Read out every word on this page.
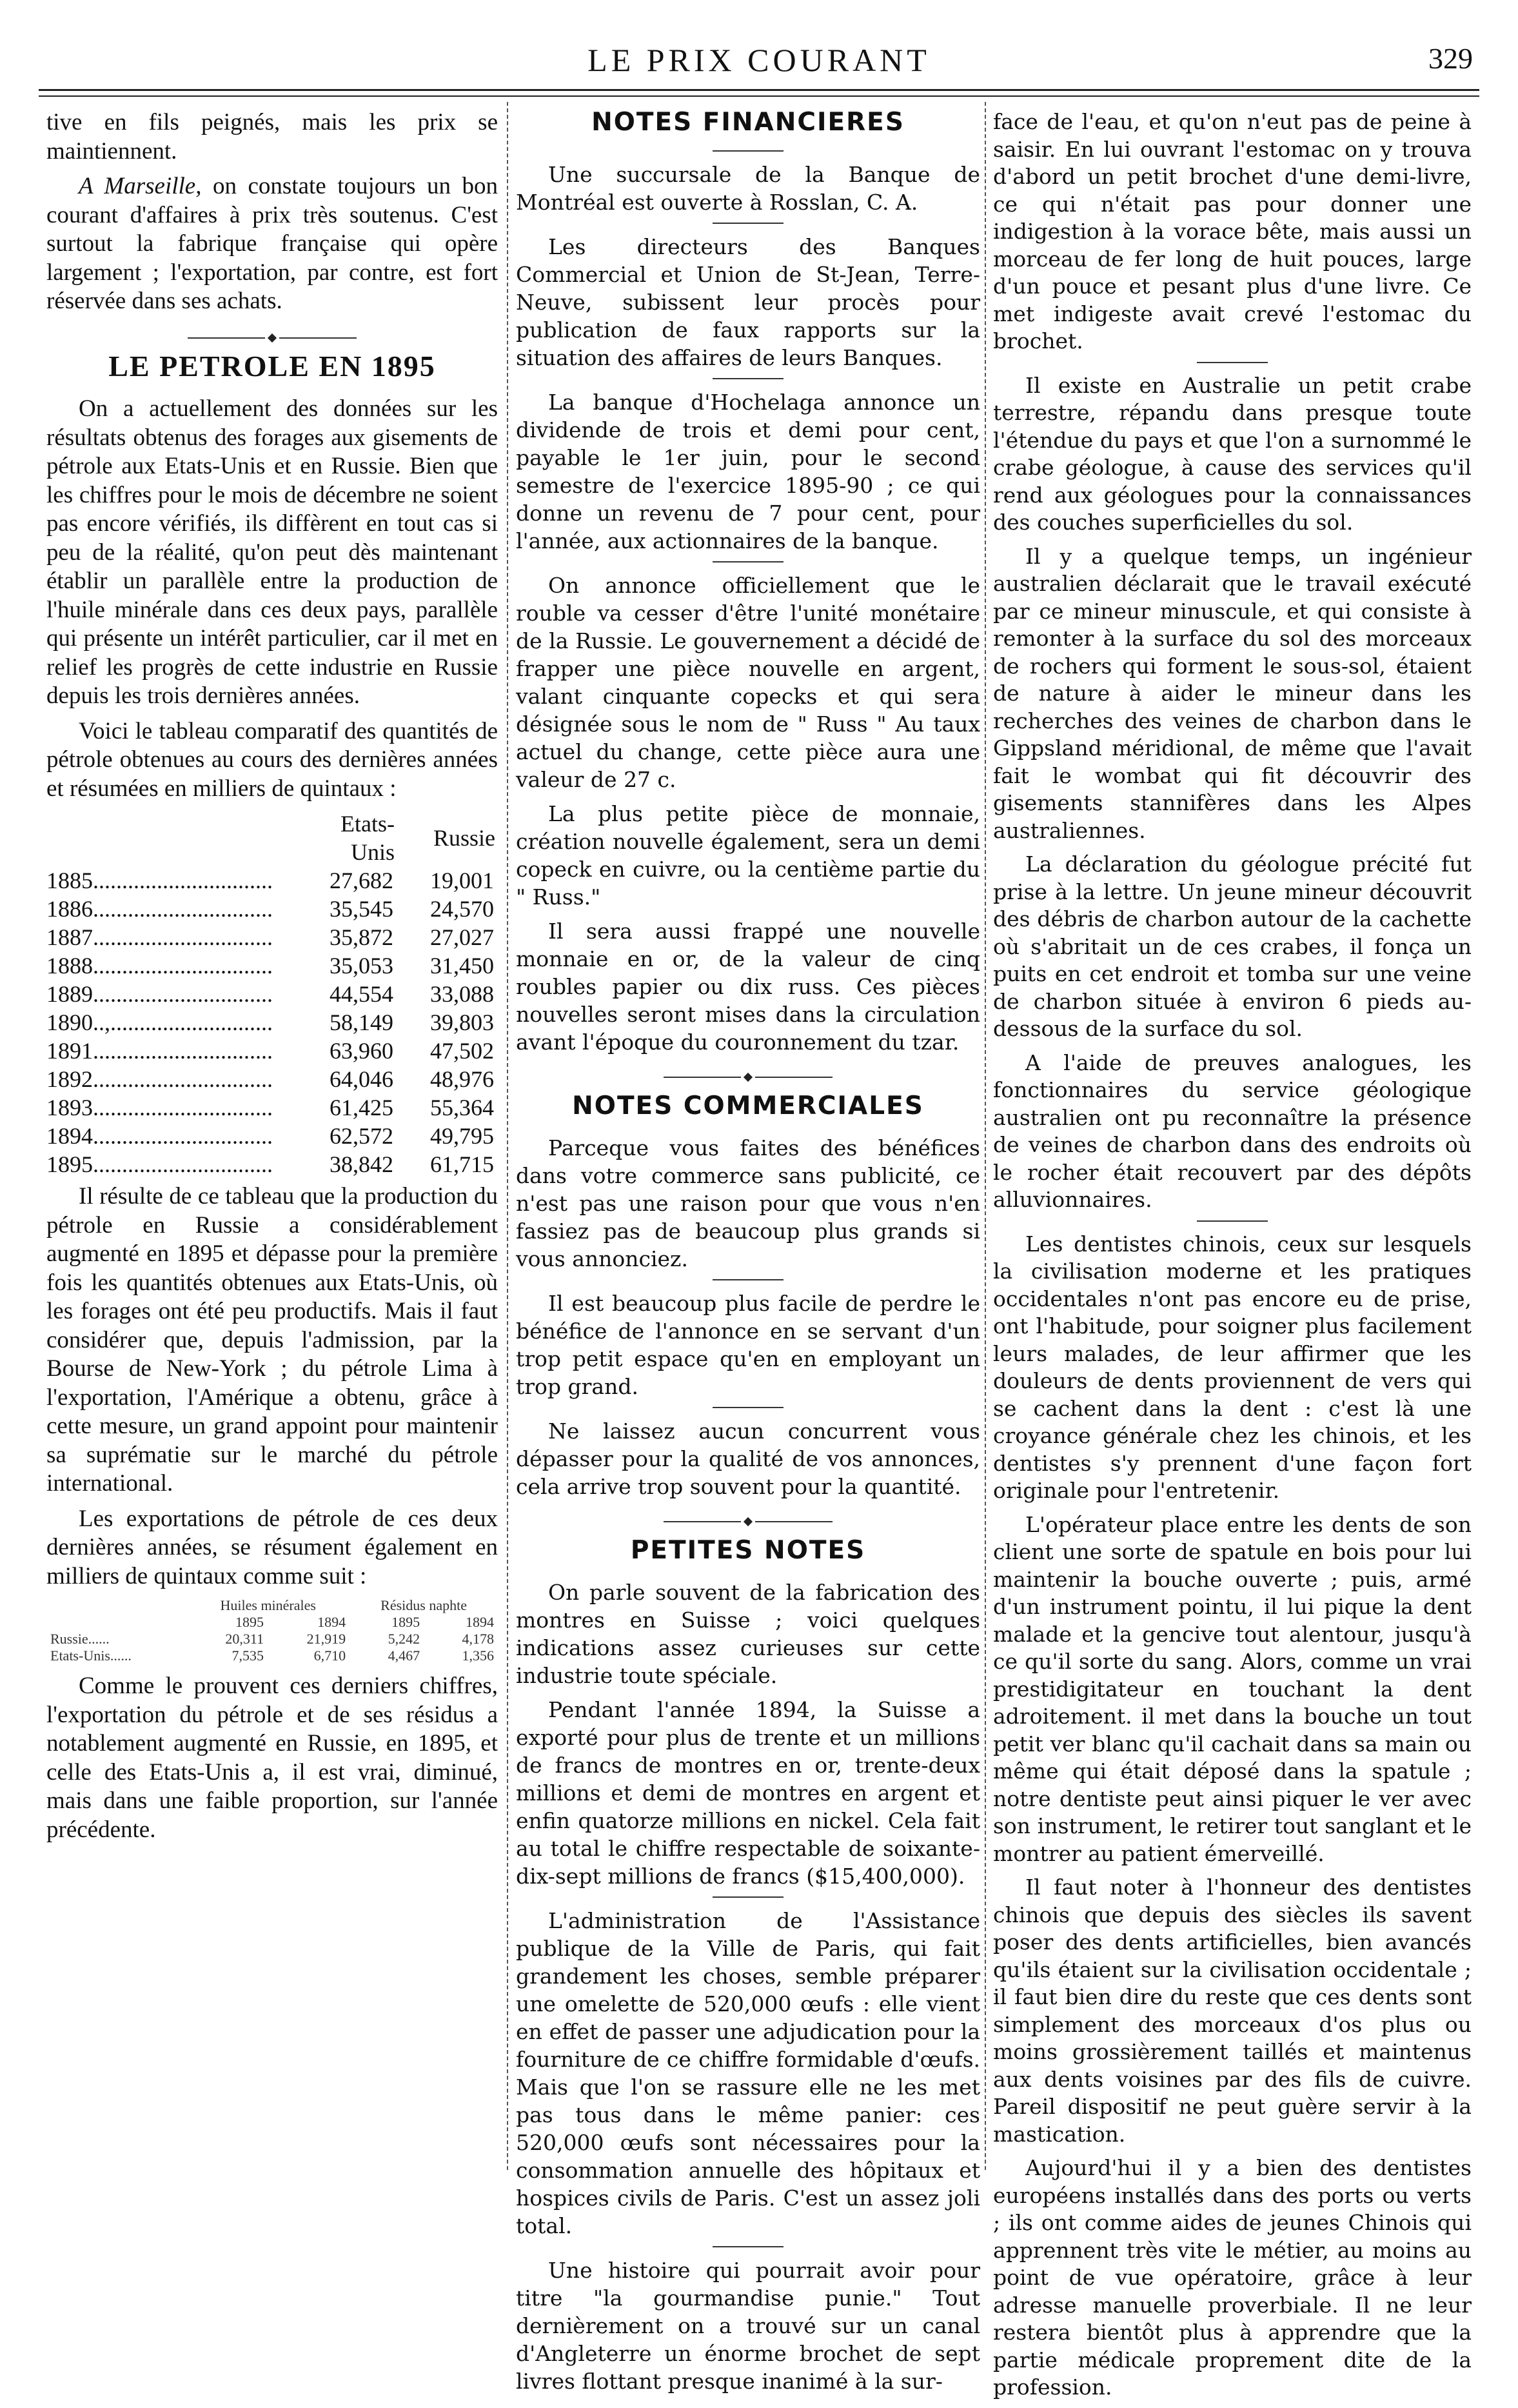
LE PRIX COURANT	329

tive en fils peignés, mais les prix se maintiennent.

A Marseille, on constate toujours un bon courant d'affaires à prix très soutenus. C'est surtout la fabrique française qui opère largement ; l'exportation, par contre, est fort réservée dans ses achats.

LE PETROLE EN 1895

On a actuellement des données sur les résultats obtenus des forages aux gisements de pétrole aux Etats-Unis et en Russie. Bien que les chiffres pour le mois de décembre ne soient pas encore vérifiés, ils diffèrent en tout cas si peu de la réalité, qu'on peut dès maintenant établir un parallèle entre la production de l'huile minérale dans ces deux pays, parallèle qui présente un intérêt particulier, car il met en relief les progrès de cette industrie en Russie depuis les trois dernières années.

Voici le tableau comparatif des quantités de pétrole obtenues au cours des dernières années et résumées en milliers de quintaux :

	Etats-Unis	Russie
1885...............................	27,682	19,001
1886...............................	35,545	24,570
1887...............................	35,872	27,027
1888...............................	35,053	31,450
1889...............................	44,554	33,088
1890..,............................	58,149	39,803
1891...............................	63,960	47,502
1892...............................	64,046	48,976
1893...............................	61,425	55,364
1894...............................	62,572	49,795
1895...............................	38,842	61,715

Il résulte de ce tableau que la production du pétrole en Russie a considérablement augmenté en 1895 et dépasse pour la première fois les quantités obtenues aux Etats-Unis, où les forages ont été peu productifs. Mais il faut considérer que, depuis l'admission, par la Bourse de New-York ; du pétrole Lima à l'exportation, l'Amérique a obtenu, grâce à cette mesure, un grand appoint pour maintenir sa suprématie sur le marché du pétrole international.

Les exportations de pétrole de ces deux dernières années, se résument également en milliers de quintaux comme suit :

	Huiles minérales		Résidus naphte	
	1895	1894	1895	1894
Russie......	20,311	21,919	5,242	4,178
Etats-Unis......	7,535	6,710	4,467	1,356

Comme le prouvent ces derniers chiffres, l'exportation du pétrole et de ses résidus a notablement augmenté en Russie, en 1895, et celle des Etats-Unis a, il est vrai, diminué, mais dans une faible proportion, sur l'année précédente.

NOTES FINANCIERES

Une succursale de la Banque de Montréal est ouverte à Rosslan, C. A.

Les directeurs des Banques Commercial et Union de St-Jean, Terre-Neuve, subissent leur procès pour publication de faux rapports sur la situation des affaires de leurs Banques.

La banque d'Hochelaga annonce un dividende de trois et demi pour cent, payable le 1er juin, pour le second semestre de l'exercice 1895-90 ; ce qui donne un revenu de 7 pour cent, pour l'année, aux actionnaires de la banque.

On annonce officiellement que le rouble va cesser d'être l'unité monétaire de la Russie. Le gouvernement a décidé de frapper une pièce nouvelle en argent, valant cinquante copecks et qui sera désignée sous le nom de " Russ " Au taux actuel du change, cette pièce aura une valeur de 27 c.

La plus petite pièce de monnaie, création nouvelle également, sera un demi copeck en cuivre, ou la centième partie du " Russ."

Il sera aussi frappé une nouvelle monnaie en or, de la valeur de cinq roubles papier ou dix russ. Ces pièces nouvelles seront mises dans la circulation avant l'époque du couronnement du tzar.

NOTES COMMERCIALES

Parceque vous faites des bénéfices dans votre commerce sans publicité, ce n'est pas une raison pour que vous n'en fassiez pas de beaucoup plus grands si vous annonciez.

Il est beaucoup plus facile de perdre le bénéfice de l'annonce en se servant d'un trop petit espace qu'en en employant un trop grand.

Ne laissez aucun concurrent vous dépasser pour la qualité de vos annonces, cela arrive trop souvent pour la quantité.

PETITES NOTES

On parle souvent de la fabrication des montres en Suisse ; voici quelques indications assez curieuses sur cette industrie toute spéciale.

Pendant l'année 1894, la Suisse a exporté pour plus de trente et un millions de francs de montres en or, trente-deux millions et demi de montres en argent et enfin quatorze millions en nickel. Cela fait au total le chiffre respectable de soixante-dix-sept millions de francs ($15,400,000).

L'administration de l'Assistance publique de la Ville de Paris, qui fait grandement les choses, semble préparer une omelette de 520,000 œufs : elle vient en effet de passer une adjudication pour la fourniture de ce chiffre formidable d'œufs. Mais que l'on se rassure elle ne les met pas tous dans le même panier: ces 520,000 œufs sont nécessaires pour la consommation annuelle des hôpitaux et hospices civils de Paris. C'est un assez joli total.

Une histoire qui pourrait avoir pour titre "la gourmandise punie." Tout dernièrement on a trouvé sur un canal d'Angleterre un énorme brochet de sept livres flottant presque inanimé à la sur-

face de l'eau, et qu'on n'eut pas de peine à saisir. En lui ouvrant l'estomac on y trouva d'abord un petit brochet d'une demi-livre, ce qui n'était pas pour donner une indigestion à la vorace bête, mais aussi un morceau de fer long de huit pouces, large d'un pouce et pesant plus d'une livre. Ce met indigeste avait crevé l'estomac du brochet.

Il existe en Australie un petit crabe terrestre, répandu dans presque toute l'étendue du pays et que l'on a surnommé le crabe géologue, à cause des services qu'il rend aux géologues pour la connaissances des couches superficielles du sol.

Il y a quelque temps, un ingénieur australien déclarait que le travail exécuté par ce mineur minuscule, et qui consiste à remonter à la surface du sol des morceaux de rochers qui forment le sous-sol, étaient de nature à aider le mineur dans les recherches des veines de charbon dans le Gippsland méridional, de même que l'avait fait le wombat qui fit découvrir des gisements stannifères dans les Alpes australiennes.

La déclaration du géologue précité fut prise à la lettre. Un jeune mineur découvrit des débris de charbon autour de la cachette où s'abritait un de ces crabes, il fonça un puits en cet endroit et tomba sur une veine de charbon située à environ 6 pieds au-dessous de la surface du sol.

A l'aide de preuves analogues, les fonctionnaires du service géologique australien ont pu reconnaître la présence de veines de charbon dans des endroits où le rocher était recouvert par des dépôts alluvionnaires.

Les dentistes chinois, ceux sur lesquels la civilisation moderne et les pratiques occidentales n'ont pas encore eu de prise, ont l'habitude, pour soigner plus facilement leurs malades, de leur affirmer que les douleurs de dents proviennent de vers qui se cachent dans la dent : c'est là une croyance générale chez les chinois, et les dentistes s'y prennent d'une façon fort originale pour l'entretenir.

L'opérateur place entre les dents de son client une sorte de spatule en bois pour lui maintenir la bouche ouverte ; puis, armé d'un instrument pointu, il lui pique la dent malade et la gencive tout alentour, jusqu'à ce qu'il sorte du sang. Alors, comme un vrai prestidigitateur en touchant la dent adroitement. il met dans la bouche un tout petit ver blanc qu'il cachait dans sa main ou même qui était déposé dans la spatule ; notre dentiste peut ainsi piquer le ver avec son instrument, le retirer tout sanglant et le montrer au patient émerveillé.

Il faut noter à l'honneur des dentistes chinois que depuis des siècles ils savent poser des dents artificielles, bien avancés qu'ils étaient sur la civilisation occidentale ; il faut bien dire du reste que ces dents sont simplement des morceaux d'os plus ou moins grossièrement taillés et maintenus aux dents voisines par des fils de cuivre. Pareil dispositif ne peut guère servir à la mastication.

Aujourd'hui il y a bien des dentistes européens installés dans des ports ou verts ; ils ont comme aides de jeunes Chinois qui apprennent très vite le métier, au moins au point de vue opératoire, grâce à leur adresse manuelle proverbiale. Il ne leur restera bientôt plus à apprendre que la partie médicale proprement dite de la profession.
